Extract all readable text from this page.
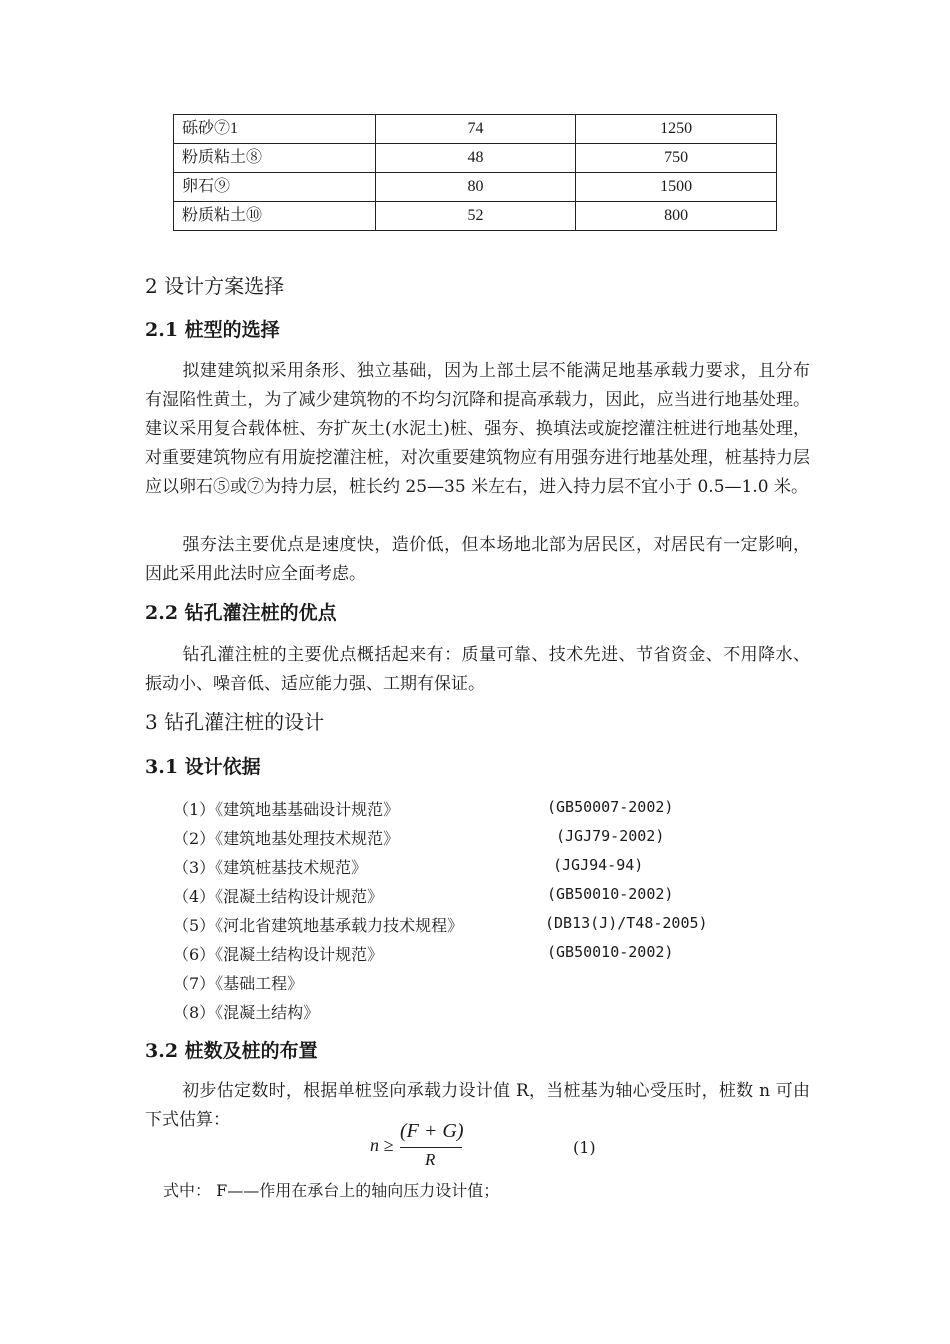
砾砂⑦1	74	1250
粉质粘土⑧	48	750
卵石⑨	80	1500
粉质粘土⑩	52	800
2 设计方案选择
2.1 桩型的选择
拟建建筑拟采用条形、独立基础，因为上部土层不能满足地基承载力要求，且分布有湿陷性黄土，为了减少建筑物的不均匀沉降和提高承载力，因此，应当进行地基处理。建议采用复合载体桩、夯扩灰土(水泥土)桩、强夯、换填法或旋挖灌注桩进行地基处理，对重要建筑物应有用旋挖灌注桩，对次重要建筑物应有用强夯进行地基处理，桩基持力层应以卵石⑤或⑦为持力层，桩长约 25—35 米左右，进入持力层不宜小于 0.5—1.0 米。
强夯法主要优点是速度快，造价低，但本场地北部为居民区，对居民有一定影响，因此采用此法时应全面考虑。
2.2 钻孔灌注桩的优点
钻孔灌注桩的主要优点概括起来有：质量可靠、技术先进、节省资金、不用降水、振动小、噪音低、适应能力强、工期有保证。
3 钻孔灌注桩的设计
3.1 设计依据
（1）《建筑地基基础设计规范》	(GB50007-2002)
（2）《建筑地基处理技术规范》	(JGJ79-2002)
（3）《建筑桩基技术规范》	(JGJ94-94)
（4）《混凝土结构设计规范》	(GB50010-2002)
（5）《河北省建筑地基承载力技术规程》	(DB13(J)/T48-2005)
（6）《混凝土结构设计规范》	(GB50010-2002)
（7）《基础工程》
（8）《混凝土结构》
3.2 桩数及桩的布置
初步估定数时，根据单桩竖向承载力设计值 R，当桩基为轴心受压时，桩数 n 可由下式估算：
n ≥
(F + G)
R
(1)
式中： F——作用在承台上的轴向压力设计值；
